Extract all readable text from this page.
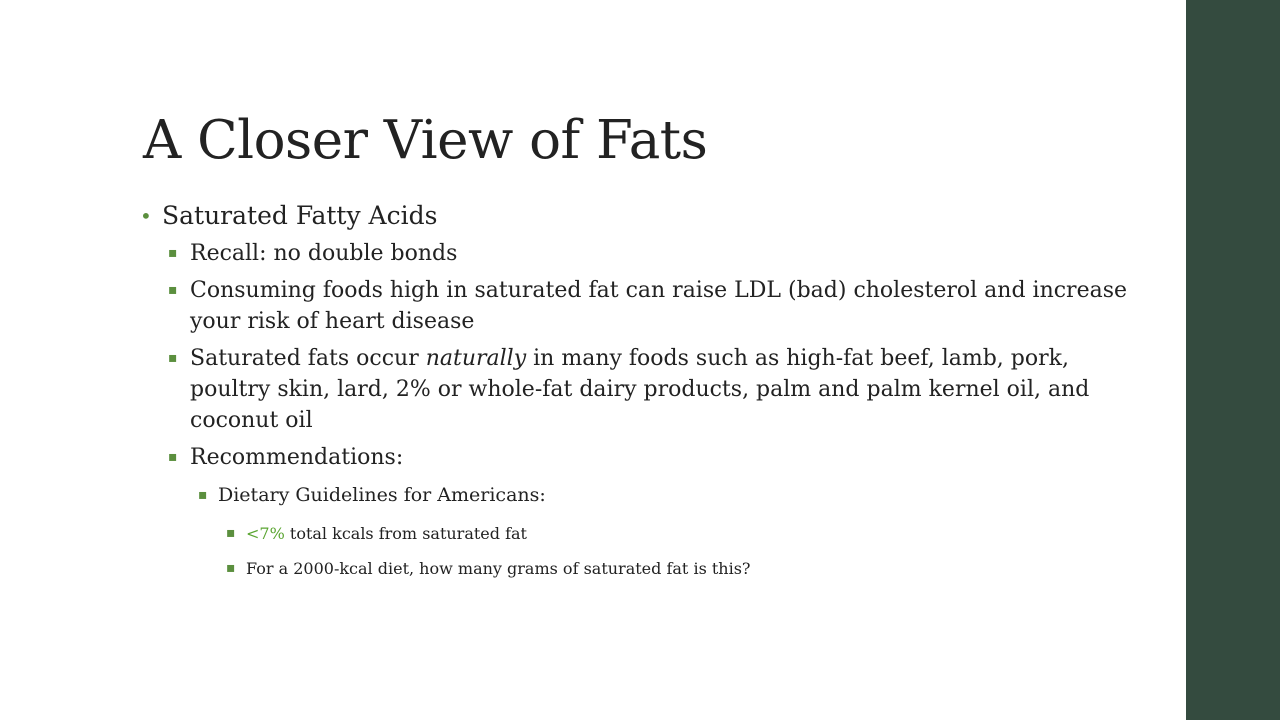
A Closer View of Fats
• Saturated Fatty Acids
▪ Recall: no double bonds
▪ Consuming foods high in saturated fat can raise LDL (bad) cholesterol and increase your risk of heart disease
▪ Saturated fats occur naturally in many foods such as high-fat beef, lamb, pork, poultry skin, lard, 2% or whole-fat dairy products, palm and palm kernel oil, and coconut oil
▪ Recommendations:
▪ Dietary Guidelines for Americans:
▪ <7% total kcals from saturated fat
▪ For a 2000-kcal diet, how many grams of saturated fat is this?
